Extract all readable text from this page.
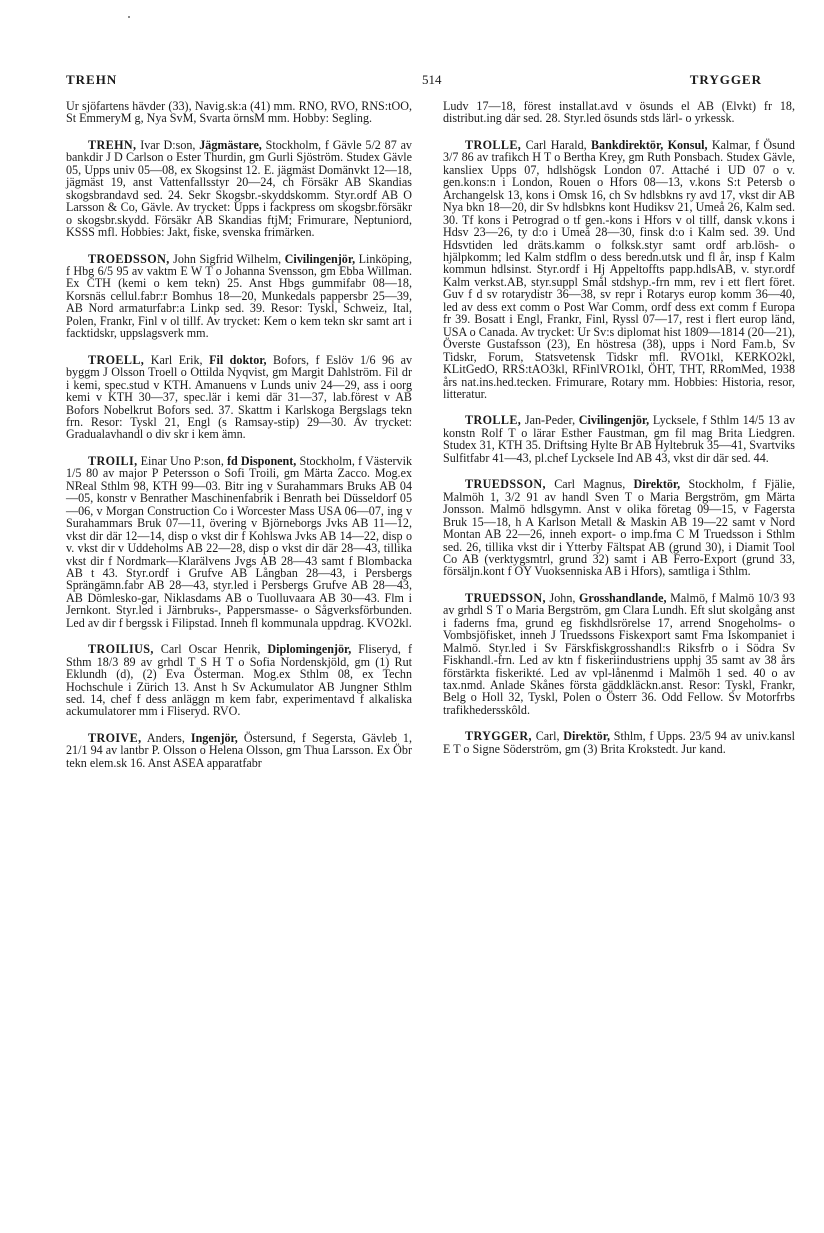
TREHN	514	TRYGGER

Ur sjöfartens hävder (33), Navig.sk:a (41) mm. RNO, RVO, RNS:tOO, St EmmeryM g, Nya SvM, Svarta örnsM mm. Hobby: Segling.

TREHN, Ivar D:son, Jägmästare, Stockholm, f Gävle 5/2 87 av bankdir J D Carlson o Ester Thurdin, gm Gurli Sjöström. Studex Gävle 05, Upps univ 05—08, ex Skogsinst 12. E. jägmäst Domänvkt 12—18, jägmäst 19, anst Vattenfallsstyr 20—24, ch Försäkr AB Skandias skogsbrandavd sed. 24. Sekr Skogsbr.-skyddskomm. Styr.ordf AB O Larsson & Co, Gävle. Av trycket: Upps i fackpress om skogsbr.försäkr o skogsbr.skydd. Försäkr AB Skandias ftjM; Frimurare, Neptuniord, KSSS mfl. Hobbies: Jakt, fiske, svenska frimärken.

TROEDSSON, John Sigfrid Wilhelm, Civilingenjör, Linköping, f Hbg 6/5 95 av vaktm E W T o Johanna Svensson, gm Ebba Willman. Ex CTH (kemi o kem tekn) 25. Anst Hbgs gummifabr 08—18, Korsnäs cellul.fabr:r Bomhus 18—20, Munkedals pappersbr 25—39, AB Nord armaturfabr:a Linkp sed. 39. Resor: Tyskl, Schweiz, Ital, Polen, Frankr, Finl v ol tillf. Av trycket: Kem o kem tekn skr samt art i facktidskr, uppslagsverk mm.

TROELL, Karl Erik, Fil doktor, Bofors, f Eslöv 1/6 96 av byggm J Olsson Troell o Ottilda Nyqvist, gm Margit Dahlström. Fil dr i kemi, spec.stud v KTH. Amanuens v Lunds univ 24—29, ass i oorg kemi v KTH 30—37, spec.lär i kemi där 31—37, lab.förest v AB Bofors Nobelkrut Bofors sed. 37. Skattm i Karlskoga Bergslags tekn frn. Resor: Tyskl 21, Engl (s Ramsay-stip) 29—30. Av trycket: Gradualavhandl o div skr i kem ämn.

TROILI, Einar Uno P:son, fd Disponent, Stockholm, f Västervik 1/5 80 av major P Petersson o Sofi Troili, gm Märta Zacco. Mog.ex NReal Sthlm 98, KTH 99—03. Bitr ing v Surahammars Bruks AB 04—05, konstr v Benrather Maschinenfabrik i Benrath bei Düsseldorf 05—06, v Morgan Construction Co i Worcester Mass USA 06—07, ing v Surahammars Bruk 07—11, övering v Björneborgs Jvks AB 11—12, vkst dir där 12—14, disp o vkst dir f Kohlswa Jvks AB 14—22, disp o v. vkst dir v Uddeholms AB 22—28, disp o vkst dir där 28—43, tillika vkst dir f Nordmark—Klarälvens Jvgs AB 28—43 samt f Blombacka AB t 43. Styr.ordf i Grufve AB Långban 28—43, i Persbergs Sprängämn.fabr AB 28—43, styr.led i Persbergs Grufve AB 28—43, AB Dömlesko-gar, Niklasdams AB o Tuolluvaara AB 30—43. Flm i Jernkont. Styr.led i Järnbruks-, Pappersmasse- o Sågverksförbunden. Led av dir f bergssk i Filipstad. Inneh fl kommunala uppdrag. KVO2kl.

TROILIUS, Carl Oscar Henrik, Diplomingenjör, Fliseryd, f Sthm 18/3 89 av grhdl T S H T o Sofia Nordenskjöld, gm (1) Rut Eklundh (d), (2) Eva Österman. Mog.ex Sthlm 08, ex Techn Hochschule i Zürich 13. Anst h Sv Ackumulator AB Jungner Sthlm sed. 14, chef f dess anläggn m kem fabr, experimentavd f alkaliska ackumulatorer mm i Fliseryd. RVO.

TROIVE, Anders, Ingenjör, Östersund, f Segersta, Gävleb 1, 21/1 94 av lantbr P. Olsson o Helena Olsson, gm Thua Larsson. Ex Öbr tekn elem.sk 16. Anst ASEA apparatfabr

Ludv 17—18, förest installat.avd v ösunds el AB (Elvkt) fr 18, distribut.ing där sed. 28. Styr.led ösunds stds lärl- o yrkessk.

TROLLE, Carl Harald, Bankdirektör, Konsul, Kalmar, f Ösund 3/7 86 av trafikch H T o Bertha Krey, gm Ruth Ponsbach. Studex Gävle, kansliex Upps 07, hdlshögsk London 07. Attaché i UD 07 o v. gen.kons:n i London, Rouen o Hfors 08—13, v.kons S:t Petersb o Archangelsk 13, kons i Omsk 16, ch Sv hdlsbkns ry avd 17, vkst dir AB Nya bkn 18—20, dir Sv hdlsbkns kont Hudiksv 21, Umeå 26, Kalm sed. 30. Tf kons i Petrograd o tf gen.-kons i Hfors v ol tillf, dansk v.kons i Hdsv 23—26, ty d:o i Umeå 28—30, finsk d:o i Kalm sed. 39. Und Hdsvtiden led dräts.kamm o folksk.styr samt ordf arb.lösh- o hjälpkomm; led Kalm stdflm o dess beredn.utsk und fl år, insp f Kalm kommun hdlsinst. Styr.ordf i Hj Appeltoffts papp.hdlsAB, v. styr.ordf Kalm verkst.AB, styr.suppl Smål stdshyp.-frn mm, rev i ett flert föret. Guv f d sv rotarydistr 36—38, sv repr i Rotarys europ komm 36—40, led av dess ext comm o Post War Comm, ordf dess ext comm f Europa fr 39. Bosatt i Engl, Frankr, Finl, Ryssl 07—17, rest i flert europ länd, USA o Canada. Av trycket: Ur Sv:s diplomat hist 1809—1814 (20—21), Överste Gustafsson (23), En höstresa (38), upps i Nord Fam.b, Sv Tidskr, Forum, Statsvetensk Tidskr mfl. RVO1kl, KERKO2kl, KLitGedO, RRS:tAO3kl, RFinlVRO1kl, ÖHT, THT, RRomMed, 1938 års nat.ins.hed.tecken. Frimurare, Rotary mm. Hobbies: Historia, resor, litteratur.

TROLLE, Jan-Peder, Civilingenjör, Lycksele, f Sthlm 14/5 13 av konstn Rolf T o lärar Esther Faustman, gm fil mag Brita Liedgren. Studex 31, KTH 35. Driftsing Hylte Br AB Hyltebruk 35—41, Svartviks Sulfitfabr 41—43, pl.chef Lycksele Ind AB 43, vkst dir där sed. 44.

TRUEDSSON, Carl Magnus, Direktör, Stockholm, f Fjälie, Malmöh 1, 3/2 91 av handl Sven T o Maria Bergström, gm Märta Jonsson. Malmö hdlsgymn. Anst v olika företag 09—15, v Fagersta Bruk 15—18, h A Karlson Metall & Maskin AB 19—22 samt v Nord Montan AB 22—26, inneh export- o imp.fma C M Truedsson i Sthlm sed. 26, tillika vkst dir i Ytterby Fältspat AB (grund 30), i Diamit Tool Co AB (verktygsmtrl, grund 32) samt i AB Ferro-Export (grund 33, försäljn.kont f OY Vuoksenniska AB i Hfors), samtliga i Sthlm.

TRUEDSSON, John, Grosshandlande, Malmö, f Malmö 10/3 93 av grhdl S T o Maria Bergström, gm Clara Lundh. Eft slut skolgång anst i faderns fma, grund eg fiskhdlsrörelse 17, arrend Snogeholms- o Vombsjöfisket, inneh J Truedssons Fiskexport samt Fma Iskompaniet i Malmö. Styr.led i Sv Färskfiskgrosshandl:s Riksfrb o i Södra Sv Fiskhandl.-frn. Led av ktn f fiskeriindustriens upphj 35 samt av 38 års förstärkta fiskerikté. Led av vpl-lånenmd i Malmöh 1 sed. 40 o av tax.nmd. Anlade Skånes första gäddkläckn.anst. Resor: Tyskl, Frankr, Belg o Holl 32, Tyskl, Polen o Österr 36. Odd Fellow. Sv Motorfrbs trafikhedersskôld.

TRYGGER, Carl, Direktör, Sthlm, f Upps. 23/5 94 av univ.kansl E T o Signe Söderström, gm (3) Brita Krokstedt. Jur kand.
